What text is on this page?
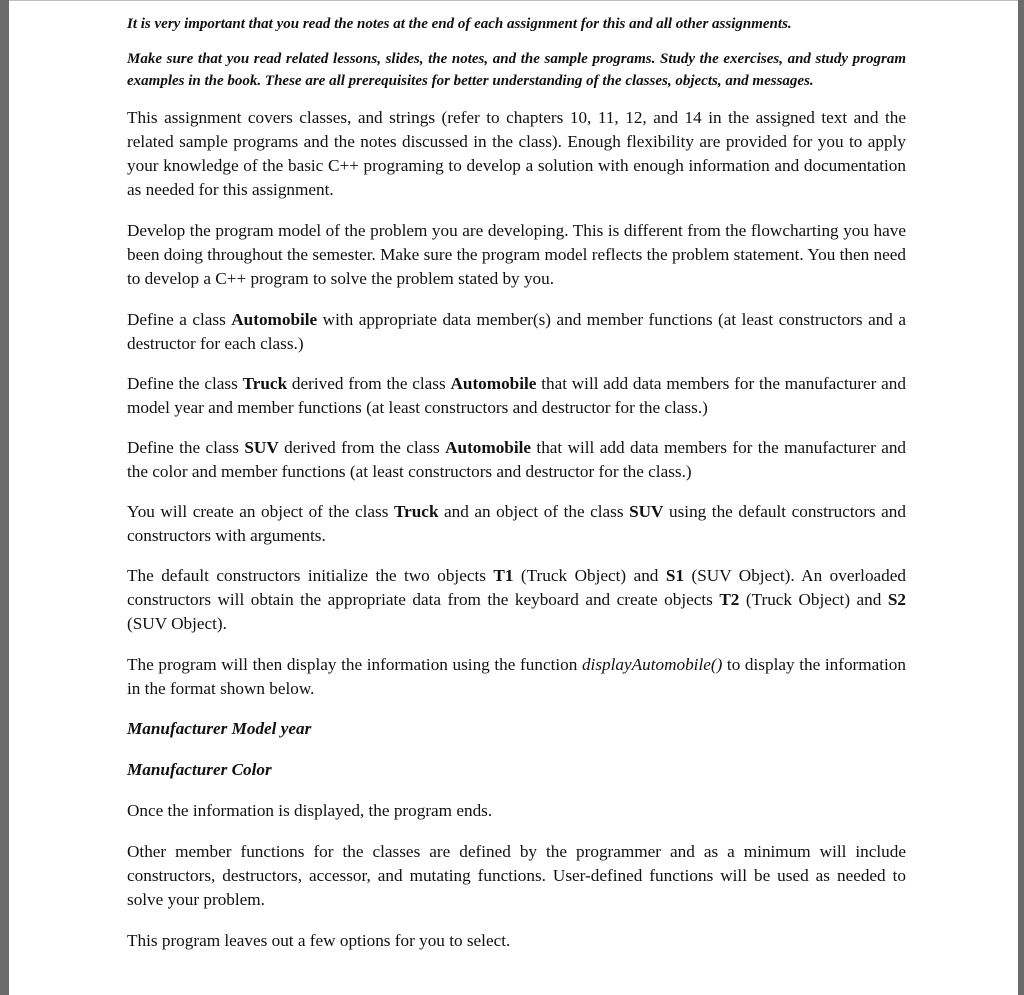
It is very important that you read the notes at the end of each assignment for this and all other assignments.

Make sure that you read related lessons, slides, the notes, and the sample programs. Study the exercises, and study program examples in the book. These are all prerequisites for better understanding of the classes, objects, and messages.

This assignment covers classes, and strings (refer to chapters 10, 11, 12, and 14 in the assigned text and the related sample programs and the notes discussed in the class). Enough flexibility are provided for you to apply your knowledge of the basic C++ programing to develop a solution with enough information and documentation as needed for this assignment.

Develop the program model of the problem you are developing. This is different from the flowcharting you have been doing throughout the semester. Make sure the program model reflects the problem statement. You then need to develop a C++ program to solve the problem stated by you.

Define a class Automobile with appropriate data member(s) and member functions (at least constructors and a destructor for each class.)

Define the class Truck derived from the class Automobile that will add data members for the manufacturer and model year and member functions (at least constructors and destructor for the class.)

Define the class SUV derived from the class Automobile that will add data members for the manufacturer and the color and member functions (at least constructors and destructor for the class.)

You will create an object of the class Truck and an object of the class SUV using the default constructors and constructors with arguments.

The default constructors initialize the two objects T1 (Truck Object) and S1 (SUV Object). An overloaded constructors will obtain the appropriate data from the keyboard and create objects T2 (Truck Object) and S2 (SUV Object).

The program will then display the information using the function displayAutomobile() to display the information in the format shown below.

Manufacturer Model year

Manufacturer Color

Once the information is displayed, the program ends.

Other member functions for the classes are defined by the programmer and as a minimum will include constructors, destructors, accessor, and mutating functions. User-defined functions will be used as needed to solve your problem.

This program leaves out a few options for you to select.
